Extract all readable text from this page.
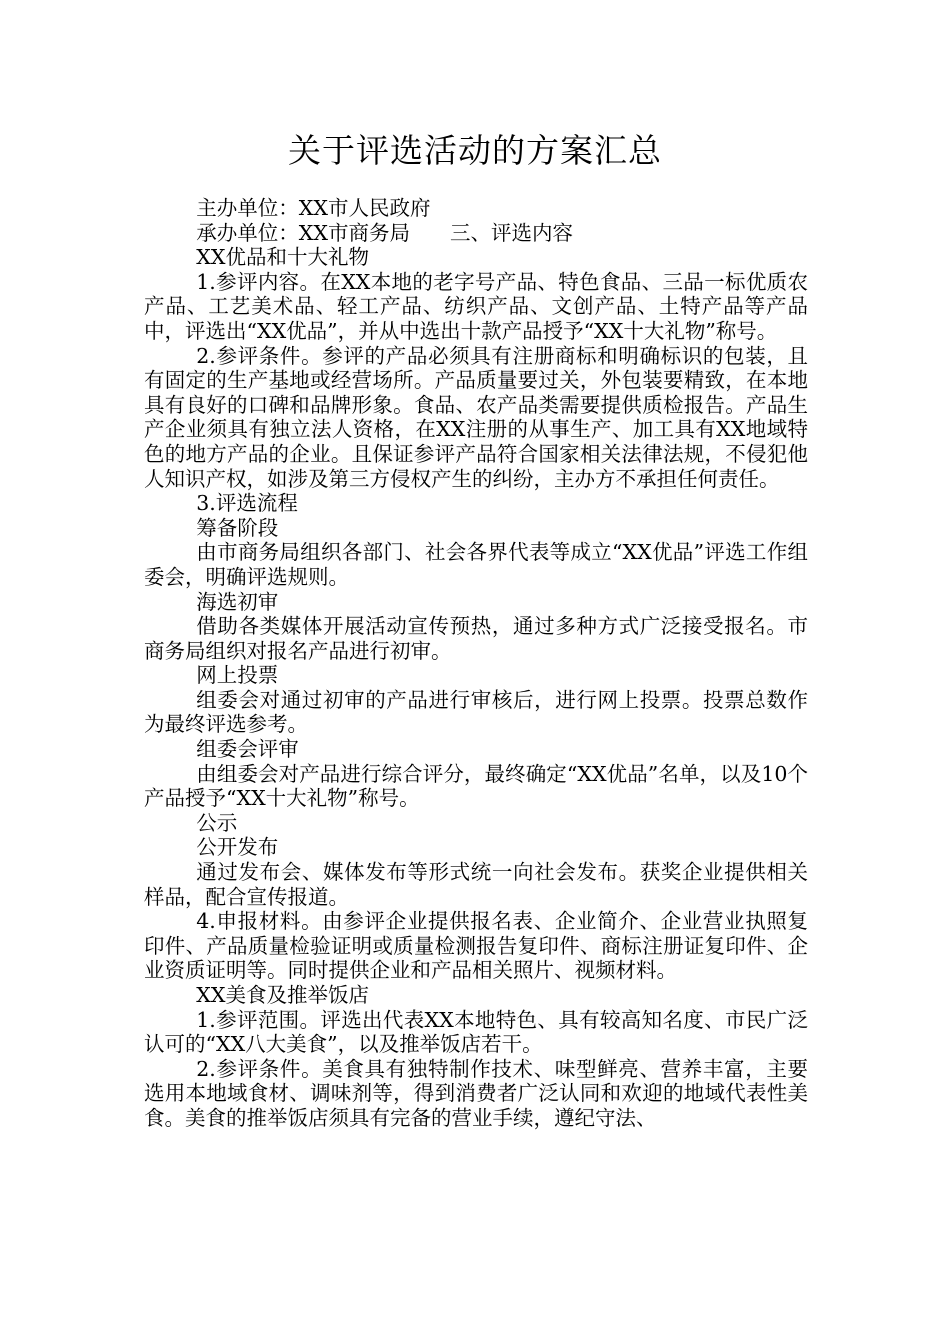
关于评选活动的方案汇总

主办单位：XX市人民政府

承办单位：XX市商务局 三、评选内容

XX优品和十大礼物

1.参评内容。在XX本地的老字号产品、特色食品、三品一标优质农产品、工艺美术品、轻工产品、纺织产品、文创产品、土特产品等产品中，评选出“XX优品”，并从中选出十款产品授予“XX十大礼物”称号。

2.参评条件。参评的产品必须具有注册商标和明确标识的包装，且有固定的生产基地或经营场所。产品质量要过关，外包装要精致，在本地具有良好的口碑和品牌形象。食品、农产品类需要提供质检报告。产品生产企业须具有独立法人资格，在XX注册的从事生产、加工具有XX地域特色的地方产品的企业。且保证参评产品符合国家相关法律法规，不侵犯他人知识产权，如涉及第三方侵权产生的纠纷，主办方不承担任何责任。

3.评选流程

筹备阶段

由市商务局组织各部门、社会各界代表等成立“XX优品”评选工作组委会，明确评选规则。

海选初审

借助各类媒体开展活动宣传预热，通过多种方式广泛接受报名。市商务局组织对报名产品进行初审。

网上投票

组委会对通过初审的产品进行审核后，进行网上投票。投票总数作为最终评选参考。

组委会评审

由组委会对产品进行综合评分，最终确定“XX优品”名单，以及10个产品授予“XX十大礼物”称号。

公示

公开发布

通过发布会、媒体发布等形式统一向社会发布。获奖企业提供相关样品，配合宣传报道。

4.申报材料。由参评企业提供报名表、企业简介、企业营业执照复印件、产品质量检验证明或质量检测报告复印件、商标注册证复印件、企业资质证明等。同时提供企业和产品相关照片、视频材料。

XX美食及推举饭店

1.参评范围。评选出代表XX本地特色、具有较高知名度、市民广泛认可的“XX八大美食”，以及推举饭店若干。

2.参评条件。美食具有独特制作技术、味型鲜亮、营养丰富，主要选用本地域食材、调味剂等，得到消费者广泛认同和欢迎的地域代表性美食。美食的推举饭店须具有完备的营业手续，遵纪守法、
